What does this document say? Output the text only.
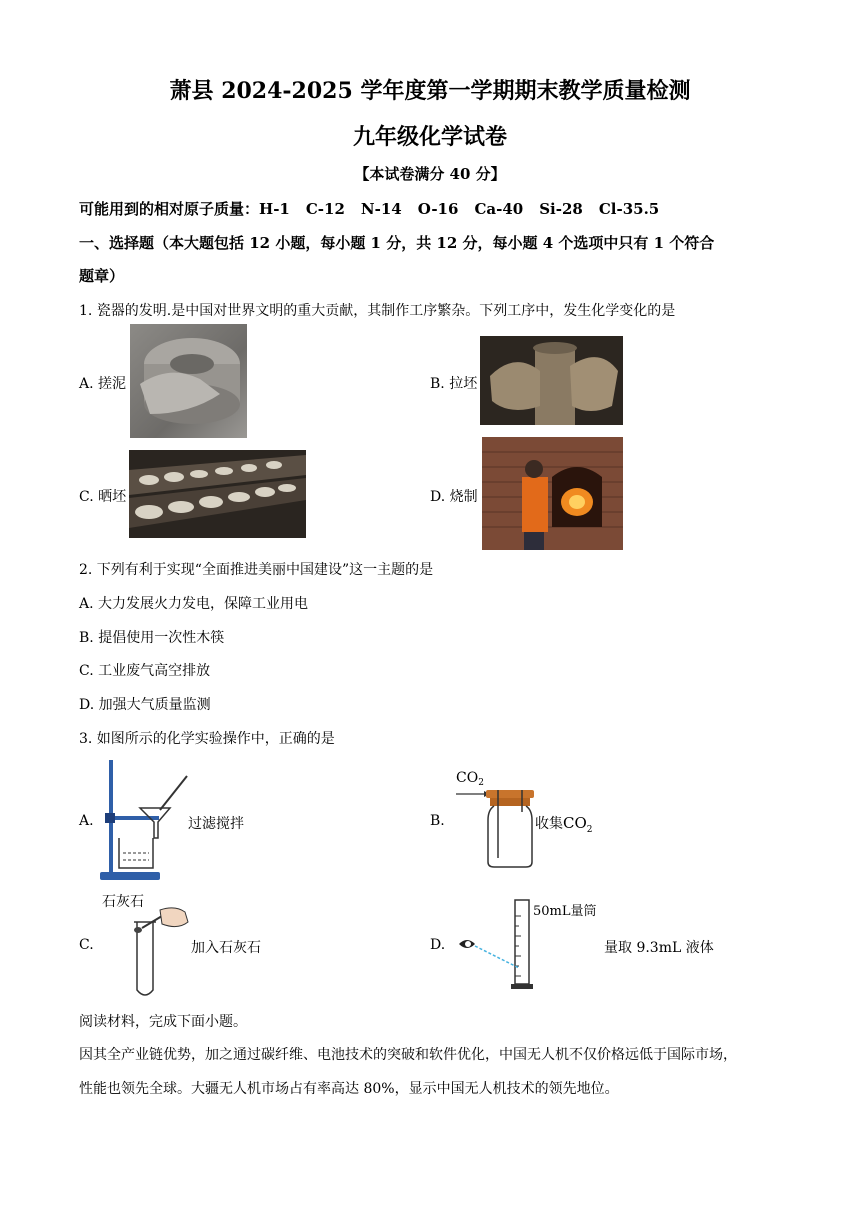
萧县 2024-2025 学年度第一学期期末教学质量检测
九年级化学试卷
【本试卷满分 40 分】
可能用到的相对原子质量：H-1 C-12 N-14 O-16 Ca-40 Si-28 Cl-35.5
一、选择题（本大题包括 12 小题，每小题 1 分，共 12 分，每小题 4 个选项中只有 1 个符合
题章）
1. 瓷器的发明.是中国对世界文明的重大贡献，其制作工序繁杂。下列工序中，发生化学变化的是
A. 搓泥	B. 拉坯
C. 晒坯	D. 烧制
2. 下列有利于实现“全面推进美丽中国建设”这一主题的是
A. 大力发展火力发电，保障工业用电
B. 提倡使用一次性木筷
C. 工业废气高空排放
D. 加强大气质量监测
3. 如图所示的化学实验操作中，正确的是
A.	过滤搅拌	B.
$CO_2$
收集$CO_2$
C.
石灰石
加入石灰石	D.
50mL量筒
量取 9.3mL 液体
阅读材料，完成下面小题。
因其全产业链优势，加之通过碳纤维、电池技术的突破和软件优化，中国无人机不仅价格远低于国际市场，
性能也领先全球。大疆无人机市场占有率高达 80%，显示中国无人机技术的领先地位。
